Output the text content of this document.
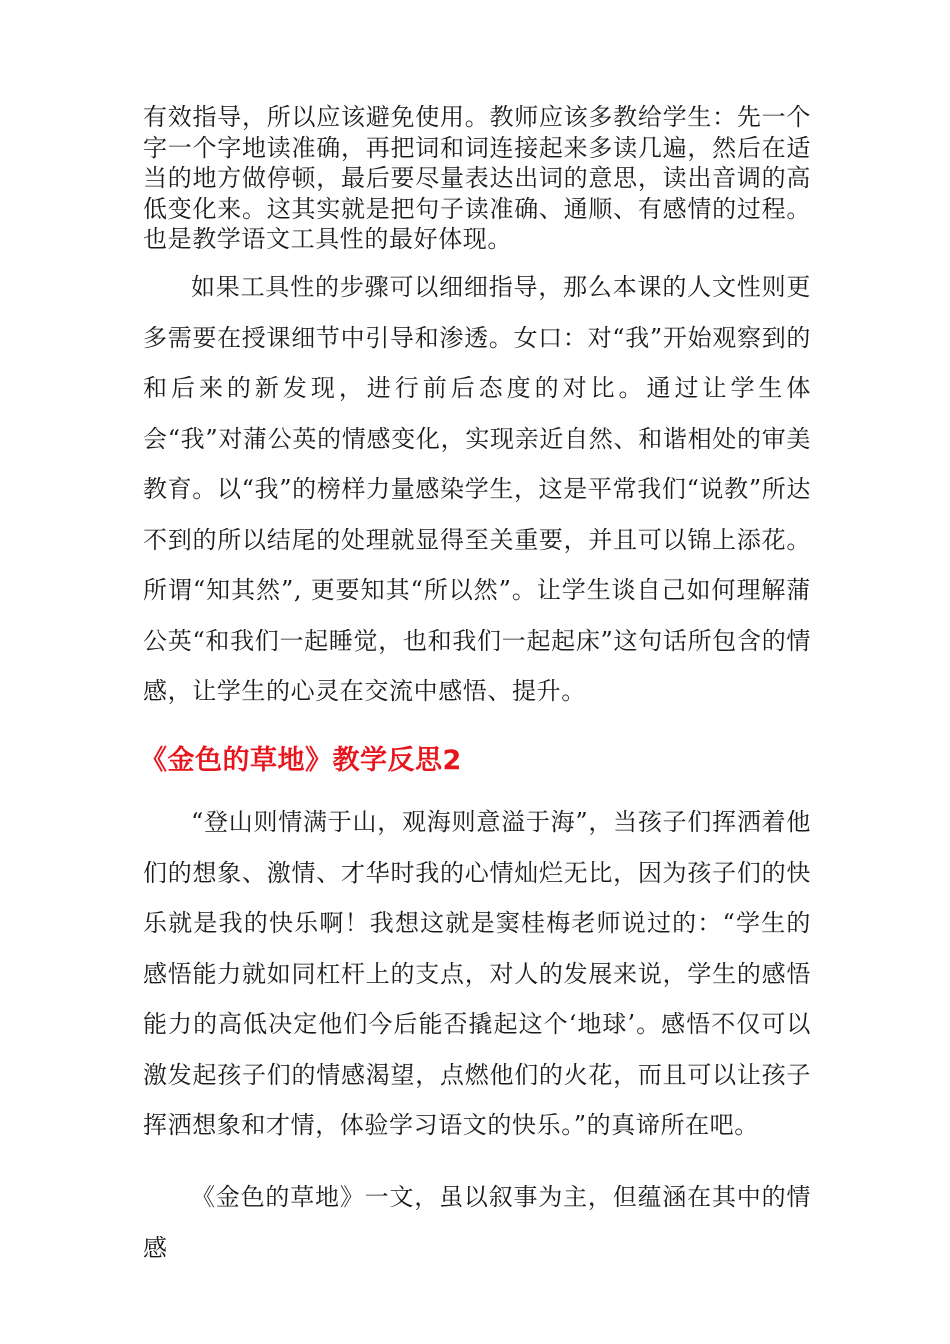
有效指导，所以应该避免使用。教师应该多教给学生：先一个字一个字地读准确，再把词和词连接起来多读几遍，然后在适当的地方做停顿，最后要尽量表达出词的意思，读出音调的高低变化来。这其实就是把句子读准确、通顺、有感情的过程。也是教学语文工具性的最好体现。

如果工具性的步骤可以细细指导，那么本课的人文性则更多需要在授课细节中引导和渗透。女口：对“我”开始观察到的和后来的新发现，进行前后态度的对比。通过让学生体会“我”对蒲公英的情感变化，实现亲近自然、和谐相处的审美教育。以“我”的榜样力量感染学生，这是平常我们“说教”所达不到的所以结尾的处理就显得至关重要，并且可以锦上添花。所谓“知其然”, 更要知其“所以然”。让学生谈自己如何理解蒲公英“和我们一起睡觉，也和我们一起起床”这句话所包含的情感，让学生的心灵在交流中感悟、提升。

《金色的草地》教学反思2

“登山则情满于山，观海则意溢于海”，当孩子们挥洒着他们的想象、激情、才华时我的心情灿烂无比，因为孩子们的快乐就是我的快乐啊！我想这就是窦桂梅老师说过的：“学生的感悟能力就如同杠杆上的支点，对人的发展来说，学生的感悟能力的高低决定他们今后能否撬起这个‘地球’。感悟不仅可以激发起孩子们的情感渴望，点燃他们的火花，而且可以让孩子挥洒想象和才情，体验学习语文的快乐。”的真谛所在吧。

《金色的草地》一文，虽以叙事为主，但蕴涵在其中的情感
